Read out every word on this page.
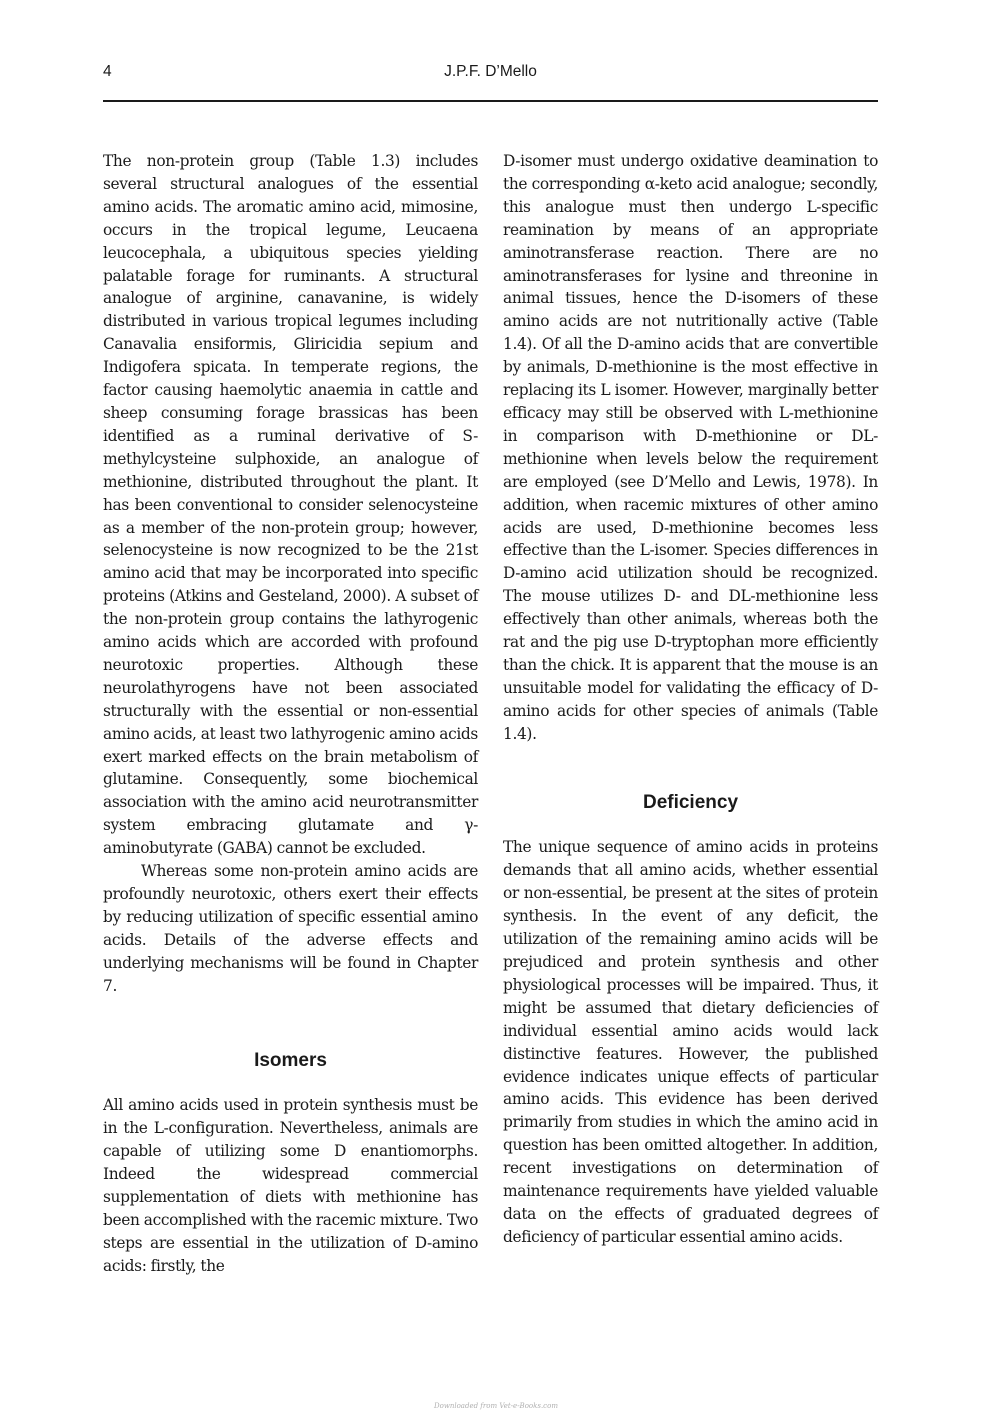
4	J.P.F. D’Mello

The non-protein group (Table 1.3) includes several structural analogues of the essential amino acids. The aromatic amino acid, mimosine, occurs in the tropical legume, Leucaena leucocephala, a ubiquitous species yielding palatable forage for ruminants. A structural analogue of arginine, canavanine, is widely distributed in various tropical legumes including Canavalia ensiformis, Gliricidia sepium and Indigofera spicata. In temperate regions, the factor causing haemolytic anaemia in cattle and sheep consuming forage brassicas has been identified as a ruminal derivative of S-methylcysteine sulphoxide, an analogue of methionine, distributed throughout the plant. It has been conventional to consider selenocysteine as a member of the non-protein group; however, selenocysteine is now recognized to be the 21st amino acid that may be incorporated into specific proteins (Atkins and Gesteland, 2000). A subset of the non-protein group contains the lathyrogenic amino acids which are accorded with profound neurotoxic properties. Although these neurolathyrogens have not been associated structurally with the essential or non-essential amino acids, at least two lathyrogenic amino acids exert marked effects on the brain metabolism of glutamine. Consequently, some biochemical association with the amino acid neurotransmitter system embracing glutamate and γ-aminobutyrate (GABA) cannot be excluded.

Whereas some non-protein amino acids are profoundly neurotoxic, others exert their effects by reducing utilization of specific essential amino acids. Details of the adverse effects and underlying mechanisms will be found in Chapter 7.

Isomers

All amino acids used in protein synthesis must be in the L-configuration. Nevertheless, animals are capable of utilizing some D enantiomorphs. Indeed the widespread commercial supplementation of diets with methionine has been accomplished with the racemic mixture. Two steps are essential in the utilization of D-amino acids: firstly, the

D-isomer must undergo oxidative deamination to the corresponding α-keto acid analogue; secondly, this analogue must then undergo L-specific reamination by means of an appropriate aminotransferase reaction. There are no aminotransferases for lysine and threonine in animal tissues, hence the D-isomers of these amino acids are not nutritionally active (Table 1.4). Of all the D-amino acids that are convertible by animals, D-methionine is the most effective in replacing its L isomer. However, marginally better efficacy may still be observed with L-methionine in comparison with D-methionine or DL-methionine when levels below the requirement are employed (see D’Mello and Lewis, 1978). In addition, when racemic mixtures of other amino acids are used, D-methionine becomes less effective than the L-isomer. Species differences in D-amino acid utilization should be recognized. The mouse utilizes D- and DL-methionine less effectively than other animals, whereas both the rat and the pig use D-tryptophan more efficiently than the chick. It is apparent that the mouse is an unsuitable model for validating the efficacy of D-amino acids for other species of animals (Table 1.4).

Deficiency

The unique sequence of amino acids in proteins demands that all amino acids, whether essential or non-essential, be present at the sites of protein synthesis. In the event of any deficit, the utilization of the remaining amino acids will be prejudiced and protein synthesis and other physiological processes will be impaired. Thus, it might be assumed that dietary deficiencies of individual essential amino acids would lack distinctive features. However, the published evidence indicates unique effects of particular amino acids. This evidence has been derived primarily from studies in which the amino acid in question has been omitted altogether. In addition, recent investigations on determination of maintenance requirements have yielded valuable data on the effects of graduated degrees of deficiency of particular essential amino acids.

Downloaded from Vet-e-Books.com
